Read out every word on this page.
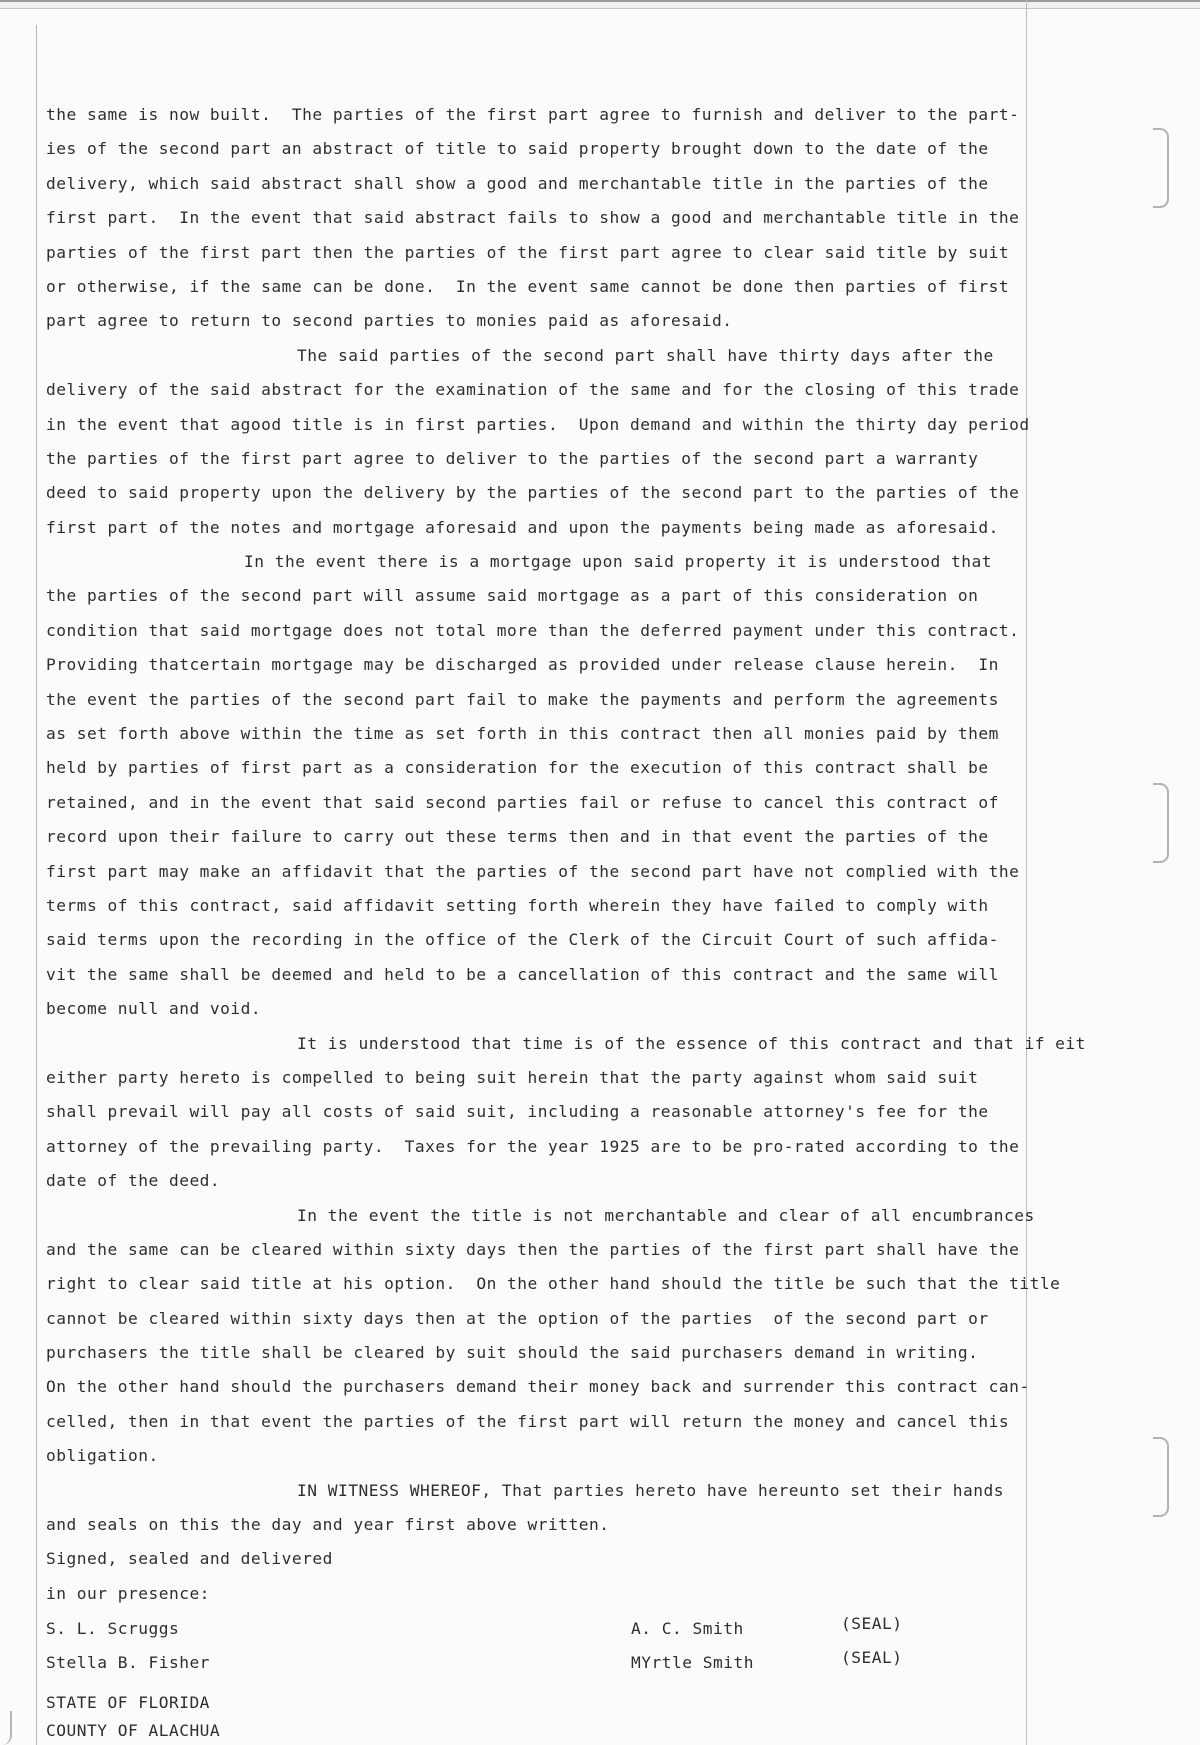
the same is now built.  The parties of the first part agree to furnish and deliver to the part-
ies of the second part an abstract of title to said property brought down to the date of the
delivery, which said abstract shall show a good and merchantable title in the parties of the
first part.  In the event that said abstract fails to show a good and merchantable title in the
parties of the first part then the parties of the first part agree to clear said title by suit
or otherwise, if the same can be done.  In the event same cannot be done then parties of first
part agree to return to second parties to monies paid as aforesaid.
The said parties of the second part shall have thirty days after the
delivery of the said abstract for the examination of the same and for the closing of this trade
in the event that agood title is in first parties.  Upon demand and within the thirty day period
the parties of the first part agree to deliver to the parties of the second part a warranty
deed to said property upon the delivery by the parties of the second part to the parties of the
first part of the notes and mortgage aforesaid and upon the payments being made as aforesaid.
In the event there is a mortgage upon said property it is understood that
the parties of the second part will assume said mortgage as a part of this consideration on
condition that said mortgage does not total more than the deferred payment under this contract.
Providing thatcertain mortgage may be discharged as provided under release clause herein.  In
the event the parties of the second part fail to make the payments and perform the agreements
as set forth above within the time as set forth in this contract then all monies paid by them
held by parties of first part as a consideration for the execution of this contract shall be
retained, and in the event that said second parties fail or refuse to cancel this contract of
record upon their failure to carry out these terms then and in that event the parties of the
first part may make an affidavit that the parties of the second part have not complied with the
terms of this contract, said affidavit setting forth wherein they have failed to comply with
said terms upon the recording in the office of the Clerk of the Circuit Court of such affida-
vit the same shall be deemed and held to be a cancellation of this contract and the same will
become null and void.
It is understood that time is of the essence of this contract and that if eit
either party hereto is compelled to being suit herein that the party against whom said suit
shall prevail will pay all costs of said suit, including a reasonable attorney's fee for the
attorney of the prevailing party.  Taxes for the year 1925 are to be pro-rated according to the
date of the deed.
In the event the title is not merchantable and clear of all encumbrances
and the same can be cleared within sixty days then the parties of the first part shall have the
right to clear said title at his option.  On the other hand should the title be such that the title
cannot be cleared within sixty days then at the option of the parties  of the second part or
purchasers the title shall be cleared by suit should the said purchasers demand in writing.
On the other hand should the purchasers demand their money back and surrender this contract can-
celled, then in that event the parties of the first part will return the money and cancel this
obligation.
IN WITNESS WHEREOF, That parties hereto have hereunto set their hands
and seals on this the day and year first above written.
Signed, sealed and delivered
in our presence:
S. L. Scruggs	A. C. Smith	(SEAL)
Stella B. Fisher	MYrtle Smith	(SEAL)
STATE OF FLORIDA
COUNTY OF ALACHUA
